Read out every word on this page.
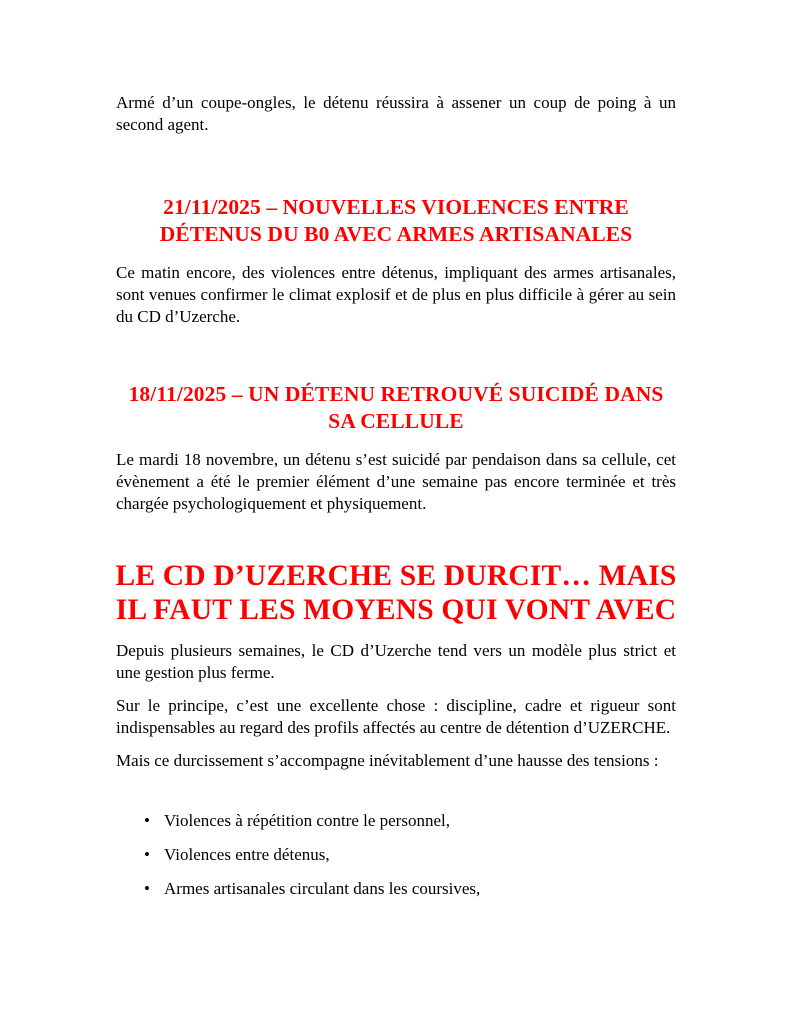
Armé d’un coupe-ongles, le détenu réussira à assener un coup de poing à un second agent.

21/11/2025 – NOUVELLES VIOLENCES ENTRE DÉTENUS DU B0 AVEC ARMES ARTISANALES

Ce matin encore, des violences entre détenus, impliquant des armes artisanales, sont venues confirmer le climat explosif et de plus en plus difficile à gérer au sein du CD d’Uzerche.

18/11/2025 – UN DÉTENU RETROUVÉ SUICIDÉ DANS SA CELLULE

Le mardi 18 novembre, un détenu s’est suicidé par pendaison dans sa cellule, cet évènement a été le premier élément d’une semaine pas encore terminée et très chargée psychologiquement et physiquement.

LE CD D’UZERCHE SE DURCIT… MAIS IL FAUT LES MOYENS QUI VONT AVEC

Depuis plusieurs semaines, le CD d’Uzerche tend vers un modèle plus strict et une gestion plus ferme.

Sur le principe, c’est une excellente chose : discipline, cadre et rigueur sont indispensables au regard des profils affectés au centre de détention d’UZERCHE.

Mais ce durcissement s’accompagne inévitablement d’une hausse des tensions :

• Violences à répétition contre le personnel,
• Violences entre détenus,
• Armes artisanales circulant dans les coursives,
